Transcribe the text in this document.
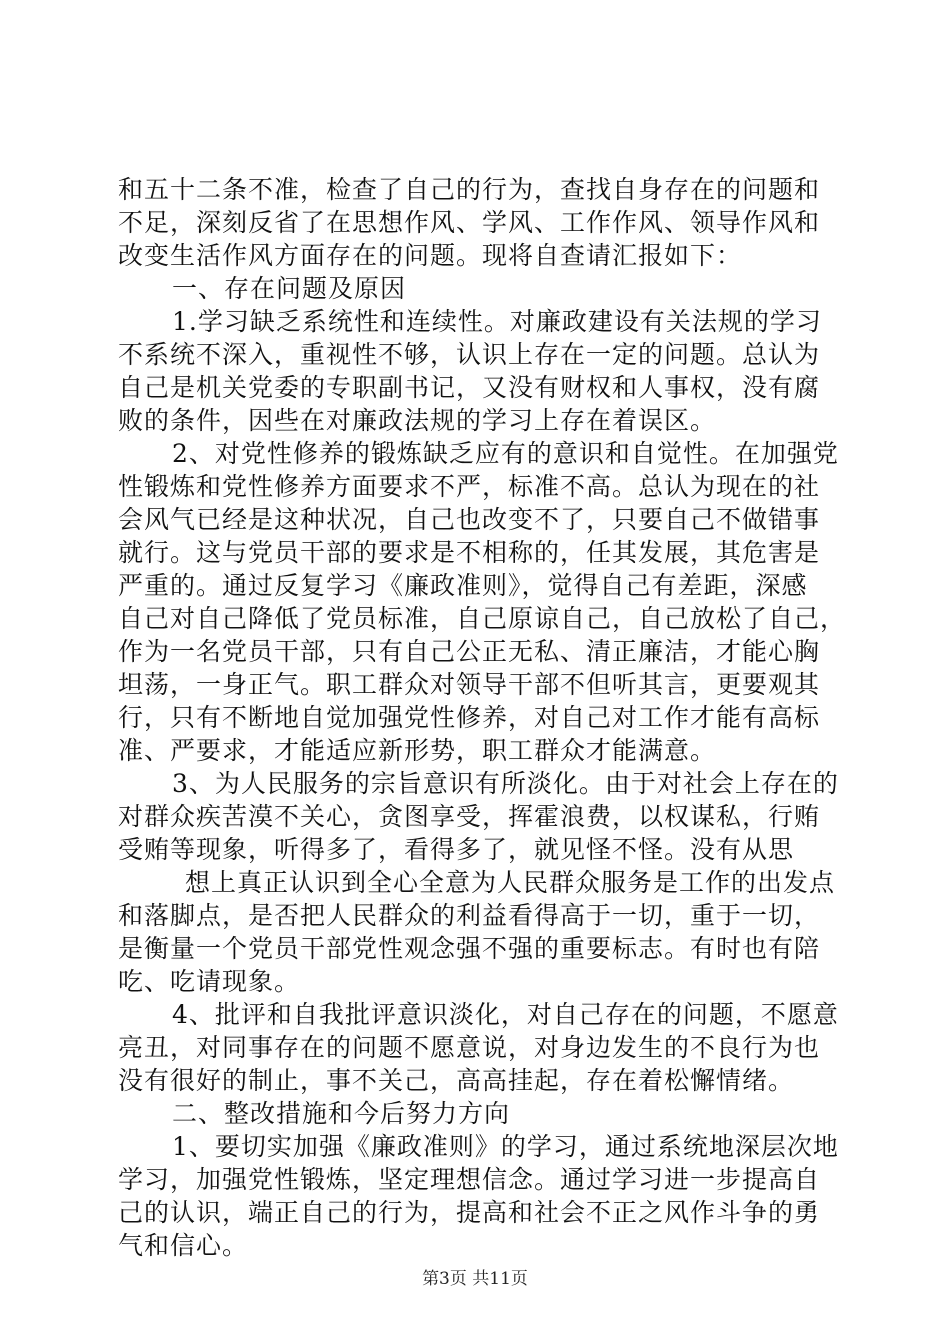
和五十二条不准，检查了自己的行为，查找自身存在的问题和
不足，深刻反省了在思想作风、学风、工作作风、领导作风和
改变生活作风方面存在的问题。现将自查请汇报如下：
一、存在问题及原因
1.学习缺乏系统性和连续性。对廉政建设有关法规的学习
不系统不深入，重视性不够，认识上存在一定的问题。总认为
自己是机关党委的专职副书记，又没有财权和人事权，没有腐
败的条件，因些在对廉政法规的学习上存在着误区。
2、对党性修养的锻炼缺乏应有的意识和自觉性。在加强党
性锻炼和党性修养方面要求不严，标准不高。总认为现在的社
会风气已经是这种状况，自己也改变不了，只要自己不做错事
就行。这与党员干部的要求是不相称的，任其发展，其危害是
严重的。通过反复学习《廉政准则》，觉得自己有差距，深感
自己对自己降低了党员标准，自己原谅自己，自己放松了自己，
作为一名党员干部，只有自己公正无私、清正廉洁，才能心胸
坦荡，一身正气。职工群众对领导干部不但听其言，更要观其
行，只有不断地自觉加强党性修养，对自己对工作才能有高标
准、严要求，才能适应新形势，职工群众才能满意。
3、为人民服务的宗旨意识有所淡化。由于对社会上存在的
对群众疾苦漠不关心，贪图享受，挥霍浪费，以权谋私，行贿
受贿等现象，听得多了，看得多了，就见怪不怪。没有从思
想上真正认识到全心全意为人民群众服务是工作的出发点
和落脚点，是否把人民群众的利益看得高于一切，重于一切，
是衡量一个党员干部党性观念强不强的重要标志。有时也有陪
吃、吃请现象。
4、批评和自我批评意识淡化，对自己存在的问题，不愿意
亮丑，对同事存在的问题不愿意说，对身边发生的不良行为也
没有很好的制止，事不关己，高高挂起，存在着松懈情绪。
二、整改措施和今后努力方向
1、要切实加强《廉政准则》的学习，通过系统地深层次地
学习，加强党性锻炼，坚定理想信念。通过学习进一步提高自
己的认识，端正自己的行为，提高和社会不正之风作斗争的勇
气和信心。
第3页 共11页
